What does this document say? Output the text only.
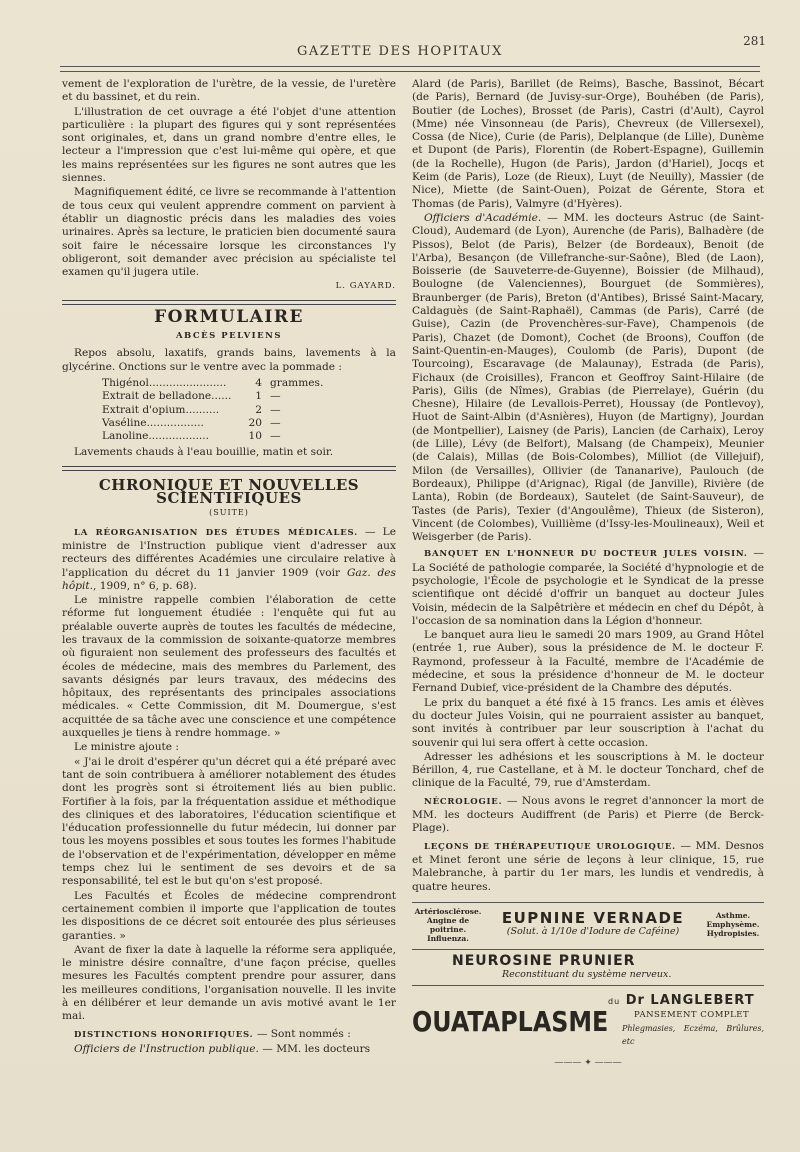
GAZETTE DES HOPITAUX
281

vement de l'exploration de l'urètre, de la vessie, de l'uretère et du bassinet, et du rein.

L'illustration de cet ouvrage a été l'objet d'une attention particulière : la plupart des figures qui y sont représentées sont originales, et, dans un grand nombre d'entre elles, le lecteur a l'impression que c'est lui-même qui opère, et que les mains représentées sur les figures ne sont autres que les siennes.

Magnifiquement édité, ce livre se recommande à l'attention de tous ceux qui veulent apprendre comment on parvient à établir un diagnostic précis dans les maladies des voies urinaires. Après sa lecture, le praticien bien documenté saura soit faire le nécessaire lorsque les circonstances l'y obligeront, soit demander avec précision au spécialiste tel examen qu'il jugera utile.

L. GAYARD.
FORMULAIRE
ABCÈS PELVIENS

Repos absolu, laxatifs, grands bains, lavements à la glycérine. Onctions sur le ventre avec la pommade :

Thigénol.......................	4 grammes.
Extrait de belladone......	1 —
Extrait d'opium..........	2 —
Vaséline.................	20 —
Lanoline..................	10 —

Lavements chauds à l'eau bouillie, matin et soir.

CHRONIQUE ET NOUVELLES SCIENTIFIQUES
(SUITE)

LA RÉORGANISATION DES ÉTUDES MÉDICALES. — Le ministre de l'Instruction publique vient d'adresser aux recteurs des différentes Académies une circulaire relative à l'application du décret du 11 janvier 1909 (voir Gaz. des hôpit., 1909, n° 6, p. 68).

Le ministre rappelle combien l'élaboration de cette réforme fut longuement étudiée : l'enquête qui fut au préalable ouverte auprès de toutes les facultés de médecine, les travaux de la commission de soixante-quatorze membres où figuraient non seulement des professeurs des facultés et écoles de médecine, mais des membres du Parlement, des savants désignés par leurs travaux, des médecins des hôpitaux, des représentants des principales associations médicales. « Cette Commission, dit M. Doumergue, s'est acquittée de sa tâche avec une conscience et une compétence auxquelles je tiens à rendre hommage. »

Le ministre ajoute :

« J'ai le droit d'espérer qu'un décret qui a été préparé avec tant de soin contribuera à améliorer notablement des études dont les progrès sont si étroitement liés au bien public. Fortifier à la fois, par la fréquentation assidue et méthodique des cliniques et des laboratoires, l'éducation scientifique et l'éducation professionnelle du futur médecin, lui donner par tous les moyens possibles et sous toutes les formes l'habitude de l'observation et de l'expérimentation, développer en même temps chez lui le sentiment de ses devoirs et de sa responsabilité, tel est le but qu'on s'est proposé.

Les Facultés et Écoles de médecine comprendront certainement combien il importe que l'application de toutes les dispositions de ce décret soit entourée des plus sérieuses garanties. »

Avant de fixer la date à laquelle la réforme sera appliquée, le ministre désire connaître, d'une façon précise, quelles mesures les Facultés comptent prendre pour assurer, dans les meilleures conditions, l'organisation nouvelle. Il les invite à en délibérer et leur demande un avis motivé avant le 1er mai.

DISTINCTIONS HONORIFIQUES. — Sont nommés :

Officiers de l'Instruction publique. — MM. les docteurs

Alard (de Paris), Barillet (de Reims), Basche, Bassinot, Bécart (de Paris), Bernard (de Juvisy-sur-Orge), Bouhében (de Paris), Boutier (de Loches), Brosset (de Paris), Castri (d'Ault), Cayrol (Mme) née Vinsonneau (de Paris), Chevreux (de Villersexel), Cossa (de Nice), Curie (de Paris), Delplanque (de Lille), Dunème et Dupont (de Paris), Florentin (de Robert-Espagne), Guillemin (de la Rochelle), Hugon (de Paris), Jardon (d'Hariel), Jocqs et Keim (de Paris), Loze (de Rieux), Luyt (de Neuilly), Massier (de Nice), Miette (de Saint-Ouen), Poizat de Gérente, Stora et Thomas (de Paris), Valmyre (d'Hyères).

Officiers d'Académie. — MM. les docteurs Astruc (de Saint-Cloud), Audemard (de Lyon), Aurenche (de Paris), Balhadère (de Pissos), Belot (de Paris), Belzer (de Bordeaux), Benoit (de l'Arba), Besançon (de Villefranche-sur-Saône), Bled (de Laon), Boisserie (de Sauveterre-de-Guyenne), Boissier (de Milhaud), Boulogne (de Valenciennes), Bourguet (de Sommières), Braunberger (de Paris), Breton (d'Antibes), Brissé Saint-Macary, Caldaguès (de Saint-Raphaël), Cammas (de Paris), Carré (de Guise), Cazin (de Provenchères-sur-Fave), Champenois (de Paris), Chazet (de Domont), Cochet (de Broons), Couffon (de Saint-Quentin-en-Mauges), Coulomb (de Paris), Dupont (de Tourcoing), Escaravage (de Malaunay), Estrada (de Paris), Fichaux (de Croisilles), Francon et Geoffroy Saint-Hilaire (de Paris), Gilis (de Nîmes), Grabias (de Pierrelaye), Guérin (du Chesne), Hilaire (de Levallois-Perret), Houssay (de Pontlevoy), Huot de Saint-Albin (d'Asnières), Huyon (de Martigny), Jourdan (de Montpellier), Laisney (de Paris), Lancien (de Carhaix), Leroy (de Lille), Lévy (de Belfort), Malsang (de Champeix), Meunier (de Calais), Millas (de Bois-Colombes), Milliot (de Villejuif), Milon (de Versailles), Ollivier (de Tananarive), Paulouch (de Bordeaux), Philippe (d'Arignac), Rigal (de Janville), Rivière (de Lanta), Robin (de Bordeaux), Sautelet (de Saint-Sauveur), de Tastes (de Paris), Texier (d'Angoulême), Thieux (de Sisteron), Vincent (de Colombes), Vuillième (d'Issy-les-Moulineaux), Weil et Weisgerber (de Paris).

BANQUET EN L'HONNEUR DU DOCTEUR JULES VOISIN. — La Société de pathologie comparée, la Société d'hypnologie et de psychologie, l'École de psychologie et le Syndicat de la presse scientifique ont décidé d'offrir un banquet au docteur Jules Voisin, médecin de la Salpêtrière et médecin en chef du Dépôt, à l'occasion de sa nomination dans la Légion d'honneur.

Le banquet aura lieu le samedi 20 mars 1909, au Grand Hôtel (entrée 1, rue Auber), sous la présidence de M. le docteur F. Raymond, professeur à la Faculté, membre de l'Académie de médecine, et sous la présidence d'honneur de M. le docteur Fernand Dubief, vice-président de la Chambre des députés.

Le prix du banquet a été fixé à 15 francs. Les amis et élèves du docteur Jules Voisin, qui ne pourraient assister au banquet, sont invités à contribuer par leur souscription à l'achat du souvenir qui lui sera offert à cette occasion.

Adresser les adhésions et les souscriptions à M. le docteur Bérillon, 4, rue Castellane, et à M. le docteur Tonchard, chef de clinique de la Faculté, 79, rue d'Amsterdam.

NÉCROLOGIE. — Nous avons le regret d'annoncer la mort de MM. les docteurs Audiffrent (de Paris) et Pierre (de Berck-Plage).

LEÇONS DE THÉRAPEUTIQUE UROLOGIQUE. — MM. Desnos et Minet feront une série de leçons à leur clinique, 15, rue Malebranche, à partir du 1er mars, les lundis et vendredis, à quatre heures.

Artériosclérose. Angine de poitrine. Influenza.
EUPNINE VERNADE
(Solut. à 1/10e d'Iodure de Caféine)
Asthme. Emphysème. Hydropisies.
NEUROSINE PRUNIER
Reconstituant du système nerveux.
OUATAPLASME
du Dr LANGLEBERT
PANSEMENT COMPLET
Phlegmasies, Eczéma, Brûlures, etc
——— ✦ ———
